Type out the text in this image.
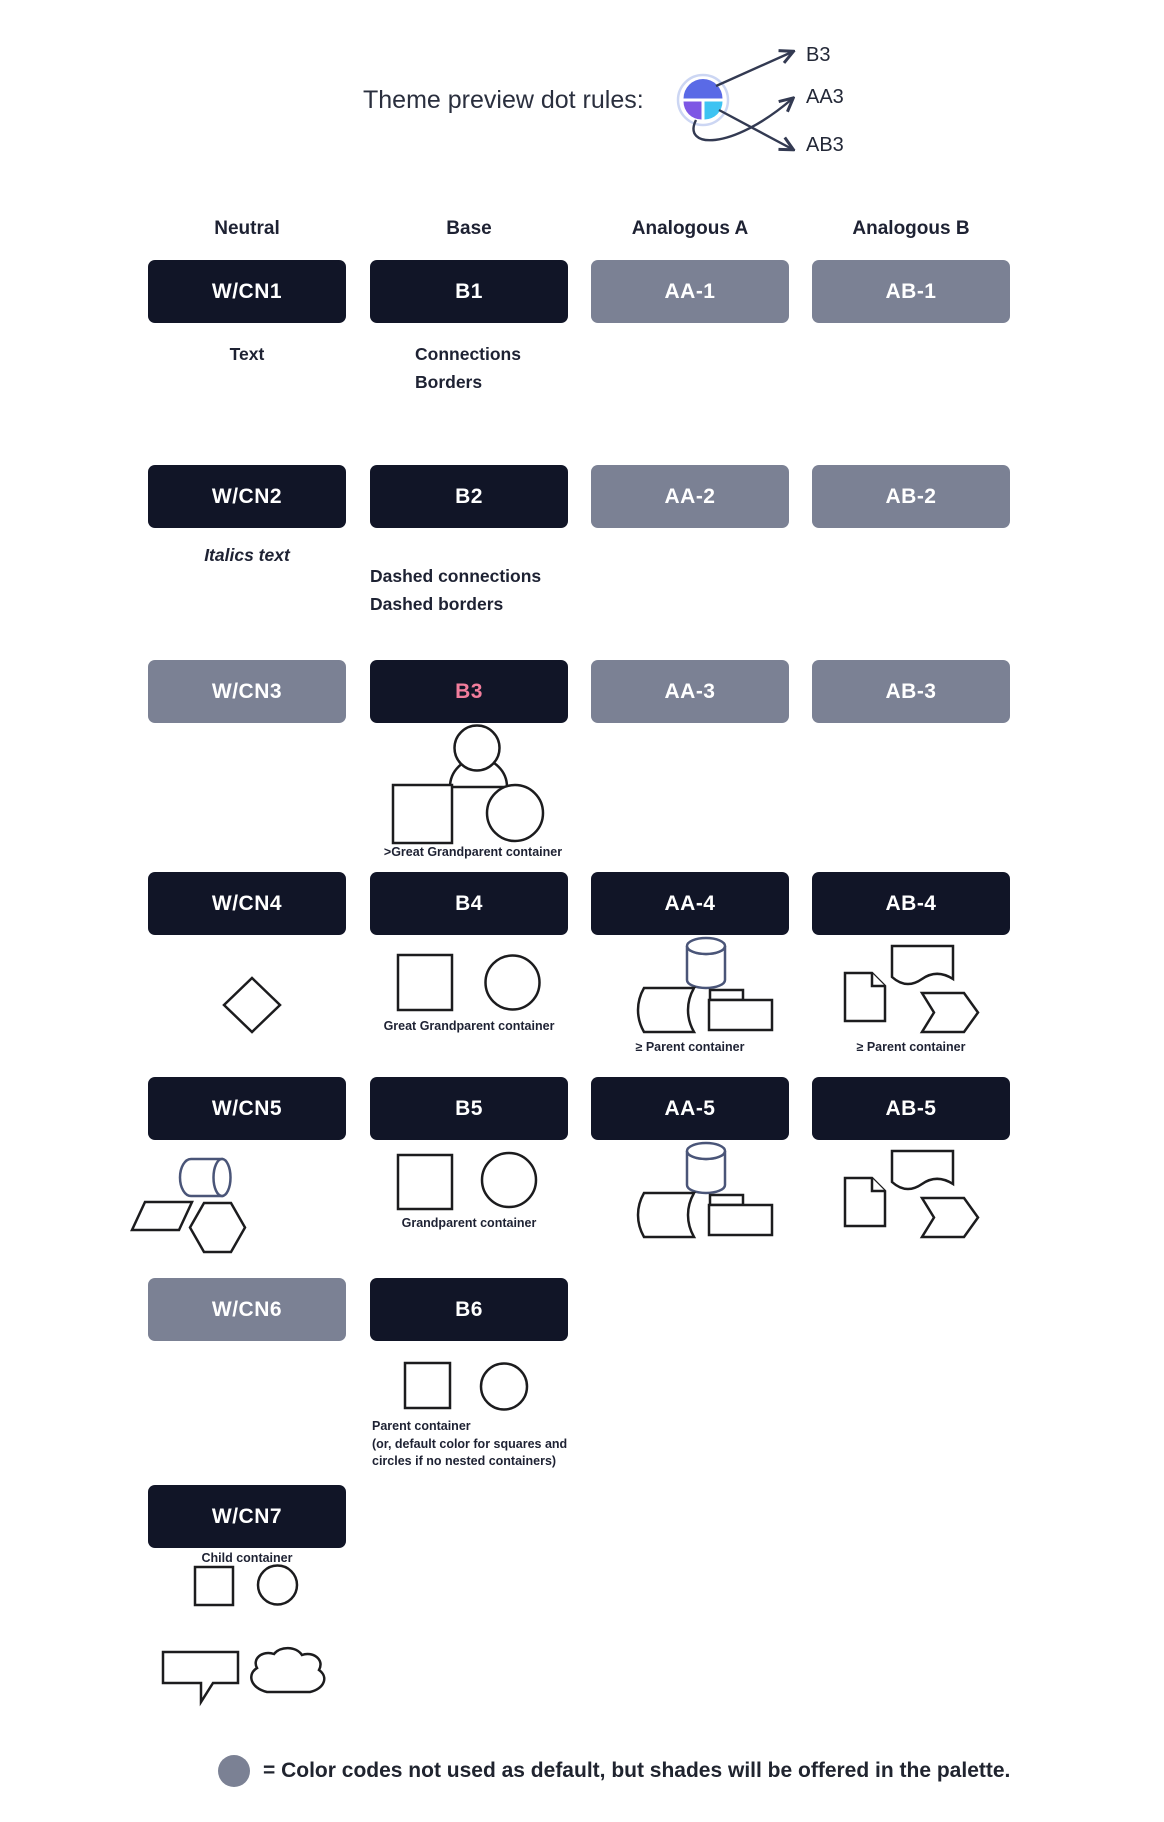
Theme preview dot rules:
B3
AA3
AB3
Neutral	Base	Analogous A	Analogous B
W/CN1	B1	AA-1	AB-1
Text	Connections
Borders
W/CN2	B2	AA-2	AB-2
Italics text
Dashed connections
Dashed borders
W/CN3	B3	AA-3	AB-3
>Great Grandparent container
W/CN4	B4	AA-4	AB-4
Great Grandparent container
≥ Parent container	≥ Parent container
W/CN5	B5	AA-5	AB-5
Grandparent container
W/CN6	B6
Parent container
(or, default color for squares and
circles if no nested containers)
W/CN7
Child container
= Color codes not used as default, but shades will be offered in the palette.
